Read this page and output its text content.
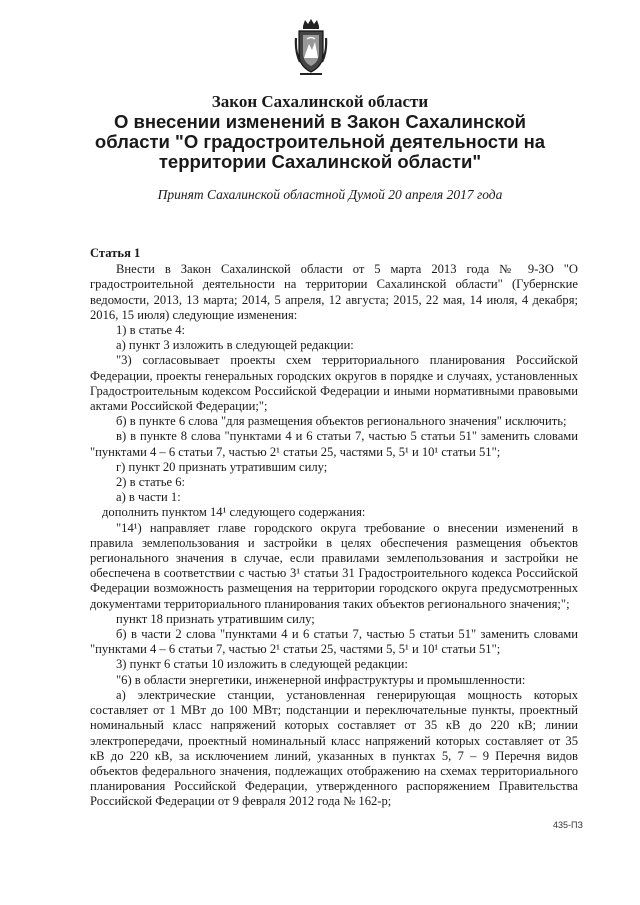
Закон Сахалинской области
О внесении изменений в Закон Сахалинской
области "О градостроительной деятельности на
территории Сахалинской области"
Принят Сахалинской областной Думой 20 апреля 2017 года

Статья 1

Внести в Закон Сахалинской области от 5 марта 2013 года № 9-ЗО "О градостроительной деятельности на территории Сахалинской области" (Губернские ведомости, 2013, 13 марта; 2014, 5 апреля, 12 августа; 2015, 22 мая, 14 июля, 4 декабря; 2016, 15 июля) следующие изменения:

1) в статье 4:

а) пункт 3 изложить в следующей редакции:

"3) согласовывает проекты схем территориального планирования Российской Федерации, проекты генеральных городских округов в порядке и случаях, установленных Градостроительным кодексом Российской Федерации и иными нормативными правовыми актами Российской Федерации;";

б) в пункте 6 слова "для размещения объектов регионального значения" исключить;

в) в пункте 8 слова "пунктами 4 и 6 статьи 7, частью 5 статьи 51" заменить словами "пунктами 4 – 6 статьи 7, частью 2¹ статьи 25, частями 5, 5¹ и 10¹ статьи 51";

г) пункт 20 признать утратившим силу;

2) в статье 6:

а) в части 1:

дополнить пунктом 14¹ следующего содержания:

"14¹) направляет главе городского округа требование о внесении изменений в правила землепользования и застройки в целях обеспечения размещения объектов регионального значения в случае, если правилами землепользования и застройки не обеспечена в соответствии с частью 3¹ статьи 31 Градостроительного кодекса Российской Федерации возможность размещения на территории городского округа предусмотренных документами территориального планирования таких объектов регионального значения;";

пункт 18 признать утратившим силу;

б) в части 2 слова "пунктами 4 и 6 статьи 7, частью 5 статьи 51" заменить словами "пунктами 4 – 6 статьи 7, частью 2¹ статьи 25, частями 5, 5¹ и 10¹ статьи 51";

3) пункт 6 статьи 10 изложить в следующей редакции:

"6) в области энергетики, инженерной инфраструктуры и промышленности:

а) электрические станции, установленная генерирующая мощность которых составляет от 1 МВт до 100 МВт; подстанции и переключательные пункты, проектный номинальный класс напряжений которых составляет от 35 кВ до 220 кВ; линии электропередачи, проектный номинальный класс напряжений которых составляет от 35 кВ до 220 кВ, за исключением линий, указанных в пунктах 5, 7 – 9 Перечня видов объектов федерального значения, подлежащих отображению на схемах территориального планирования Российской Федерации, утвержденного распоряжением Правительства Российской Федерации от 9 февраля 2012 года № 162-р;

435-ПЗ
